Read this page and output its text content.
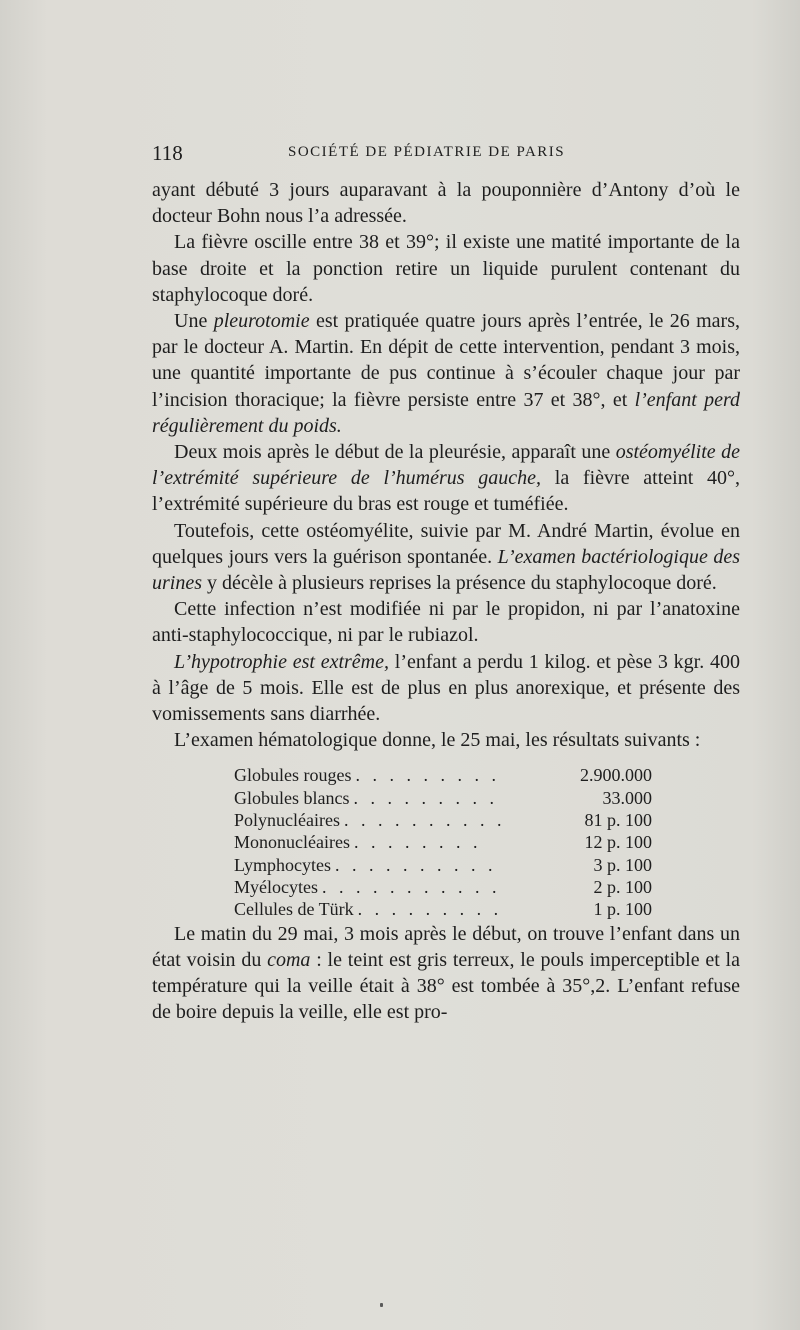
118	SOCIÉTÉ DE PÉDIATRIE DE PARIS

ayant débuté 3 jours auparavant à la pouponnière d’Antony d’où le docteur Bohn nous l’a adressée.

La fièvre oscille entre 38 et 39°; il existe une matité importante de la base droite et la ponction retire un liquide purulent contenant du staphylocoque doré.

Une pleurotomie est pratiquée quatre jours après l’entrée, le 26 mars, par le docteur A. Martin. En dépit de cette intervention, pendant 3 mois, une quantité importante de pus continue à s’écouler chaque jour par l’incision thoracique; la fièvre persiste entre 37 et 38°, et l’enfant perd régulièrement du poids.

Deux mois après le début de la pleurésie, apparaît une ostéomyélite de l’extrémité supérieure de l’humérus gauche, la fièvre atteint 40°, l’extrémité supérieure du bras est rouge et tuméfiée.

Toutefois, cette ostéomyélite, suivie par M. André Martin, évolue en quelques jours vers la guérison spontanée. L’examen bactériologique des urines y décèle à plusieurs reprises la présence du staphylocoque doré.

Cette infection n’est modifiée ni par le propidon, ni par l’anatoxine anti-staphylococcique, ni par le rubiazol.

L’hypotrophie est extrême, l’enfant a perdu 1 kilog. et pèse 3 kgr. 400 à l’âge de 5 mois. Elle est de plus en plus anorexique, et présente des vomissements sans diarrhée.

L’examen hématologique donne, le 25 mai, les résultats suivants :

Globules rouges . . . . . . . . .	2.900.000
Globules blancs . . . . . . . . .	33.000
Polynucléaires . . . . . . . . . .	81 p. 100
Mononucléaires . . . . . . . .	12 p. 100
Lymphocytes . . . . . . . . . .	3 p. 100
Myélocytes . . . . . . . . . . .	2 p. 100
Cellules de Türk . . . . . . . . .	1 p. 100

Le matin du 29 mai, 3 mois après le début, on trouve l’enfant dans un état voisin du coma : le teint est gris terreux, le pouls imperceptible et la température qui la veille était à 38° est tombée à 35°,2. L’enfant refuse de boire depuis la veille, elle est pro-
